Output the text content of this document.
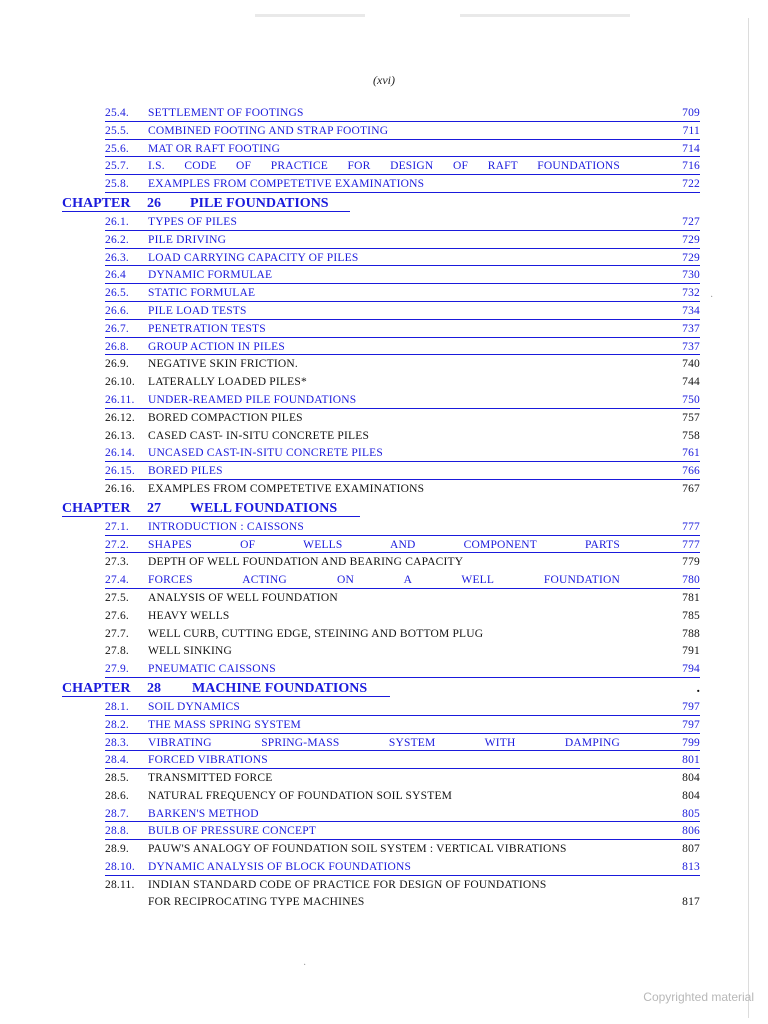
(xvi)
25.4. SETTLEMENT OF FOOTINGS	709
25.5. COMBINED FOOTING AND STRAP FOOTING	711
25.6. MAT OR RAFT FOOTING	714
25.7. I.S. CODE OF PRACTICE FOR DESIGN OF RAFT FOUNDATIONS	716
25.8. EXAMPLES FROM COMPETETIVE EXAMINATIONS	722
CHAPTER 26 PILE FOUNDATIONS
26.1. TYPES OF PILES	727
26.2. PILE DRIVING	729
26.3. LOAD CARRYING CAPACITY OF PILES	729
26.4 DYNAMIC FORMULAE	730
26.5. STATIC FORMULAE	732
26.6. PILE LOAD TESTS	734
26.7. PENETRATION TESTS	737
26.8. GROUP ACTION IN PILES	737
26.9. NEGATIVE SKIN FRICTION.	740
26.10. LATERALLY LOADED PILES*	744
26.11. UNDER-REAMED PILE FOUNDATIONS	750
26.12. BORED COMPACTION PILES	757
26.13. CASED CAST- IN-SITU CONCRETE PILES	758
26.14. UNCASED CAST-IN-SITU CONCRETE PILES	761
26.15. BORED PILES	766
26.16. EXAMPLES FROM COMPETETIVE EXAMINATIONS	767
CHAPTER 27 WELL FOUNDATIONS
27.1. INTRODUCTION : CAISSONS	777
27.2. SHAPES OF WELLS AND COMPONENT PARTS	777
27.3. DEPTH OF WELL FOUNDATION AND BEARING CAPACITY	779
27.4. FORCES ACTING ON A WELL FOUNDATION	780
27.5. ANALYSIS OF WELL FOUNDATION	781
27.6. HEAVY WELLS	785
27.7. WELL CURB, CUTTING EDGE, STEINING AND BOTTOM PLUG	788
27.8. WELL SINKING	791
27.9. PNEUMATIC CAISSONS	794
CHAPTER 28 MACHINE FOUNDATIONS	.
28.1. SOIL DYNAMICS	797
28.2. THE MASS SPRING SYSTEM	797
28.3. VIBRATING SPRING-MASS SYSTEM WITH DAMPING	799
28.4. FORCED VIBRATIONS	801
28.5. TRANSMITTED FORCE	804
28.6. NATURAL FREQUENCY OF FOUNDATION SOIL SYSTEM	804
28.7. BARKEN'S METHOD	805
28.8. BULB OF PRESSURE CONCEPT	806
28.9. PAUW'S ANALOGY OF FOUNDATION SOIL SYSTEM : VERTICAL VIBRATIONS	807
28.10. DYNAMIC ANALYSIS OF BLOCK FOUNDATIONS	813
28.11. INDIAN STANDARD CODE OF PRACTICE FOR DESIGN OF FOUNDATIONS
FOR RECIPROCATING TYPE MACHINES	817
·
·
Copyrighted material
